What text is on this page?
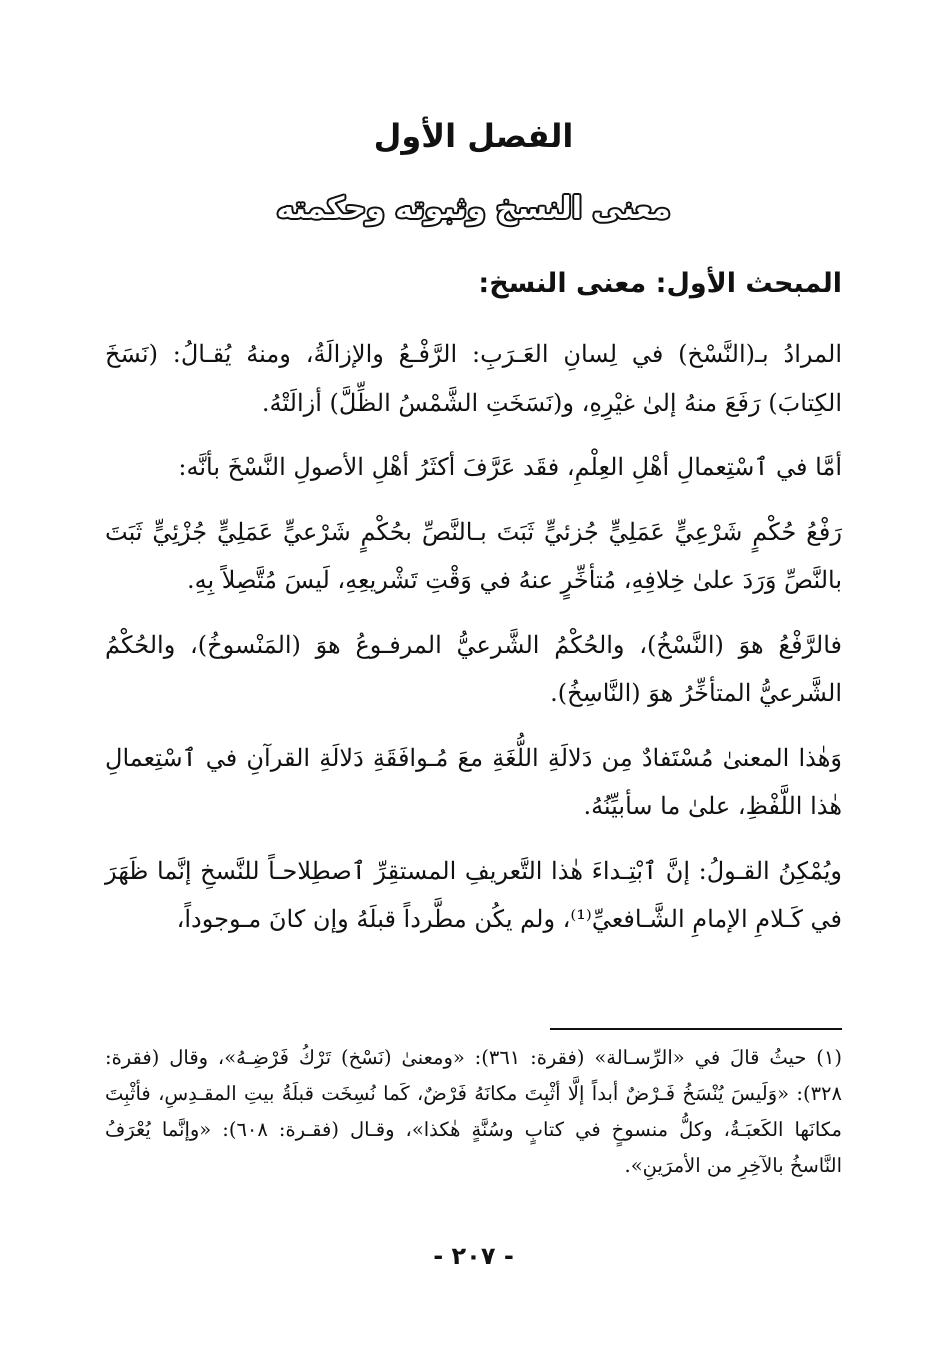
الفصل الأول
معنى النسخ وثبوته وحكمته
المبحث الأول: معنى النسخ:

المرادُ بـ(النَّسْخ) في لِسانِ العَـرَبِ: الرَّفْـعُ والإزالَةُ، ومنهُ يُقـالُ: (نَسَخَ الكِتابَ) رَفَعَ منهُ إلىٰ غيْرِهِ، و(نَسَخَتِ الشَّمْسُ الظِّلَّ) أزالَتْهُ.

أمَّا في ٱسْتِعمالِ أهْلِ العِلْمِ، فقَد عَرَّفَ أكثَرُ أهْلِ الأصولِ النَّسْخَ بأنَّه:

رَفْعُ حُكْمٍ شَرْعِيٍّ عَمَلِيٍّ جُزئيٍّ ثَبَتَ بـالنَّصِّ بحُكْمٍ شَرْعيٍّ عَمَلِيٍّ جُزْئِيٍّ ثَبَتَ بالنَّصِّ وَرَدَ علىٰ خِلافِهِ، مُتأخِّرٍ عنهُ في وَقْتِ تَشْريعِهِ، لَيسَ مُتَّصِلاً بِهِ.

فالرَّفْعُ هوَ (النَّسْخُ)، والحُكْمُ الشَّرعيُّ المرفـوعُ هوَ (المَنْسوخُ)، والحُكْمُ الشَّرعيُّ المتأخِّرُ هوَ (النَّاسِخُ).

وَهٰذا المعنىٰ مُسْتَفادٌ مِن دَلالَةِ اللُّغَةِ معَ مُـوافَقَةِ دَلالَةِ القرآنِ في ٱسْتِعمالِ هٰذا اللَّفْظِ، علىٰ ما سأبيِّنُهُ.

ويُمْكِنُ القـولُ: إنَّ ٱبْتِـداءَ هٰذا التَّعريفِ المستقِرِّ ٱصطِلاحـاً للنَّسخِ إنَّما ظَهَرَ في كَـلامِ الإمامِ الشَّـافعيِّ⁽¹⁾، ولم يكُن مطَّرداً قبلَهُ وإن كانَ مـوجوداً،

(١) حيثُ قالَ في «الرِّسـالة» (فقرة: ٣٦١): «ومعنىٰ (نَسْخ) تَرْكُ فَرْضِـهُ»، وقال (فقرة: ٣٢٨): «وَلَيسَ يُنْسَخُ فَـرْضٌ أبداً إلَّا أثْبِتَ مكانَهُ فَرْضٌ، كَما نُسِخَت قبلَةُ بيتِ المقـدِسِ، فأثْبِتَ مكانَها الكَعبَـةُ، وكلُّ منسوخٍ في كتابٍ وسُنَّةٍ هٰكذا»، وقـال (فقـرة: ٦٠٨): «وإنَّما يُعْرَفُ النَّاسخُ بالآخِرِ من الأمرَينِ».

- ٢٠٧ -
